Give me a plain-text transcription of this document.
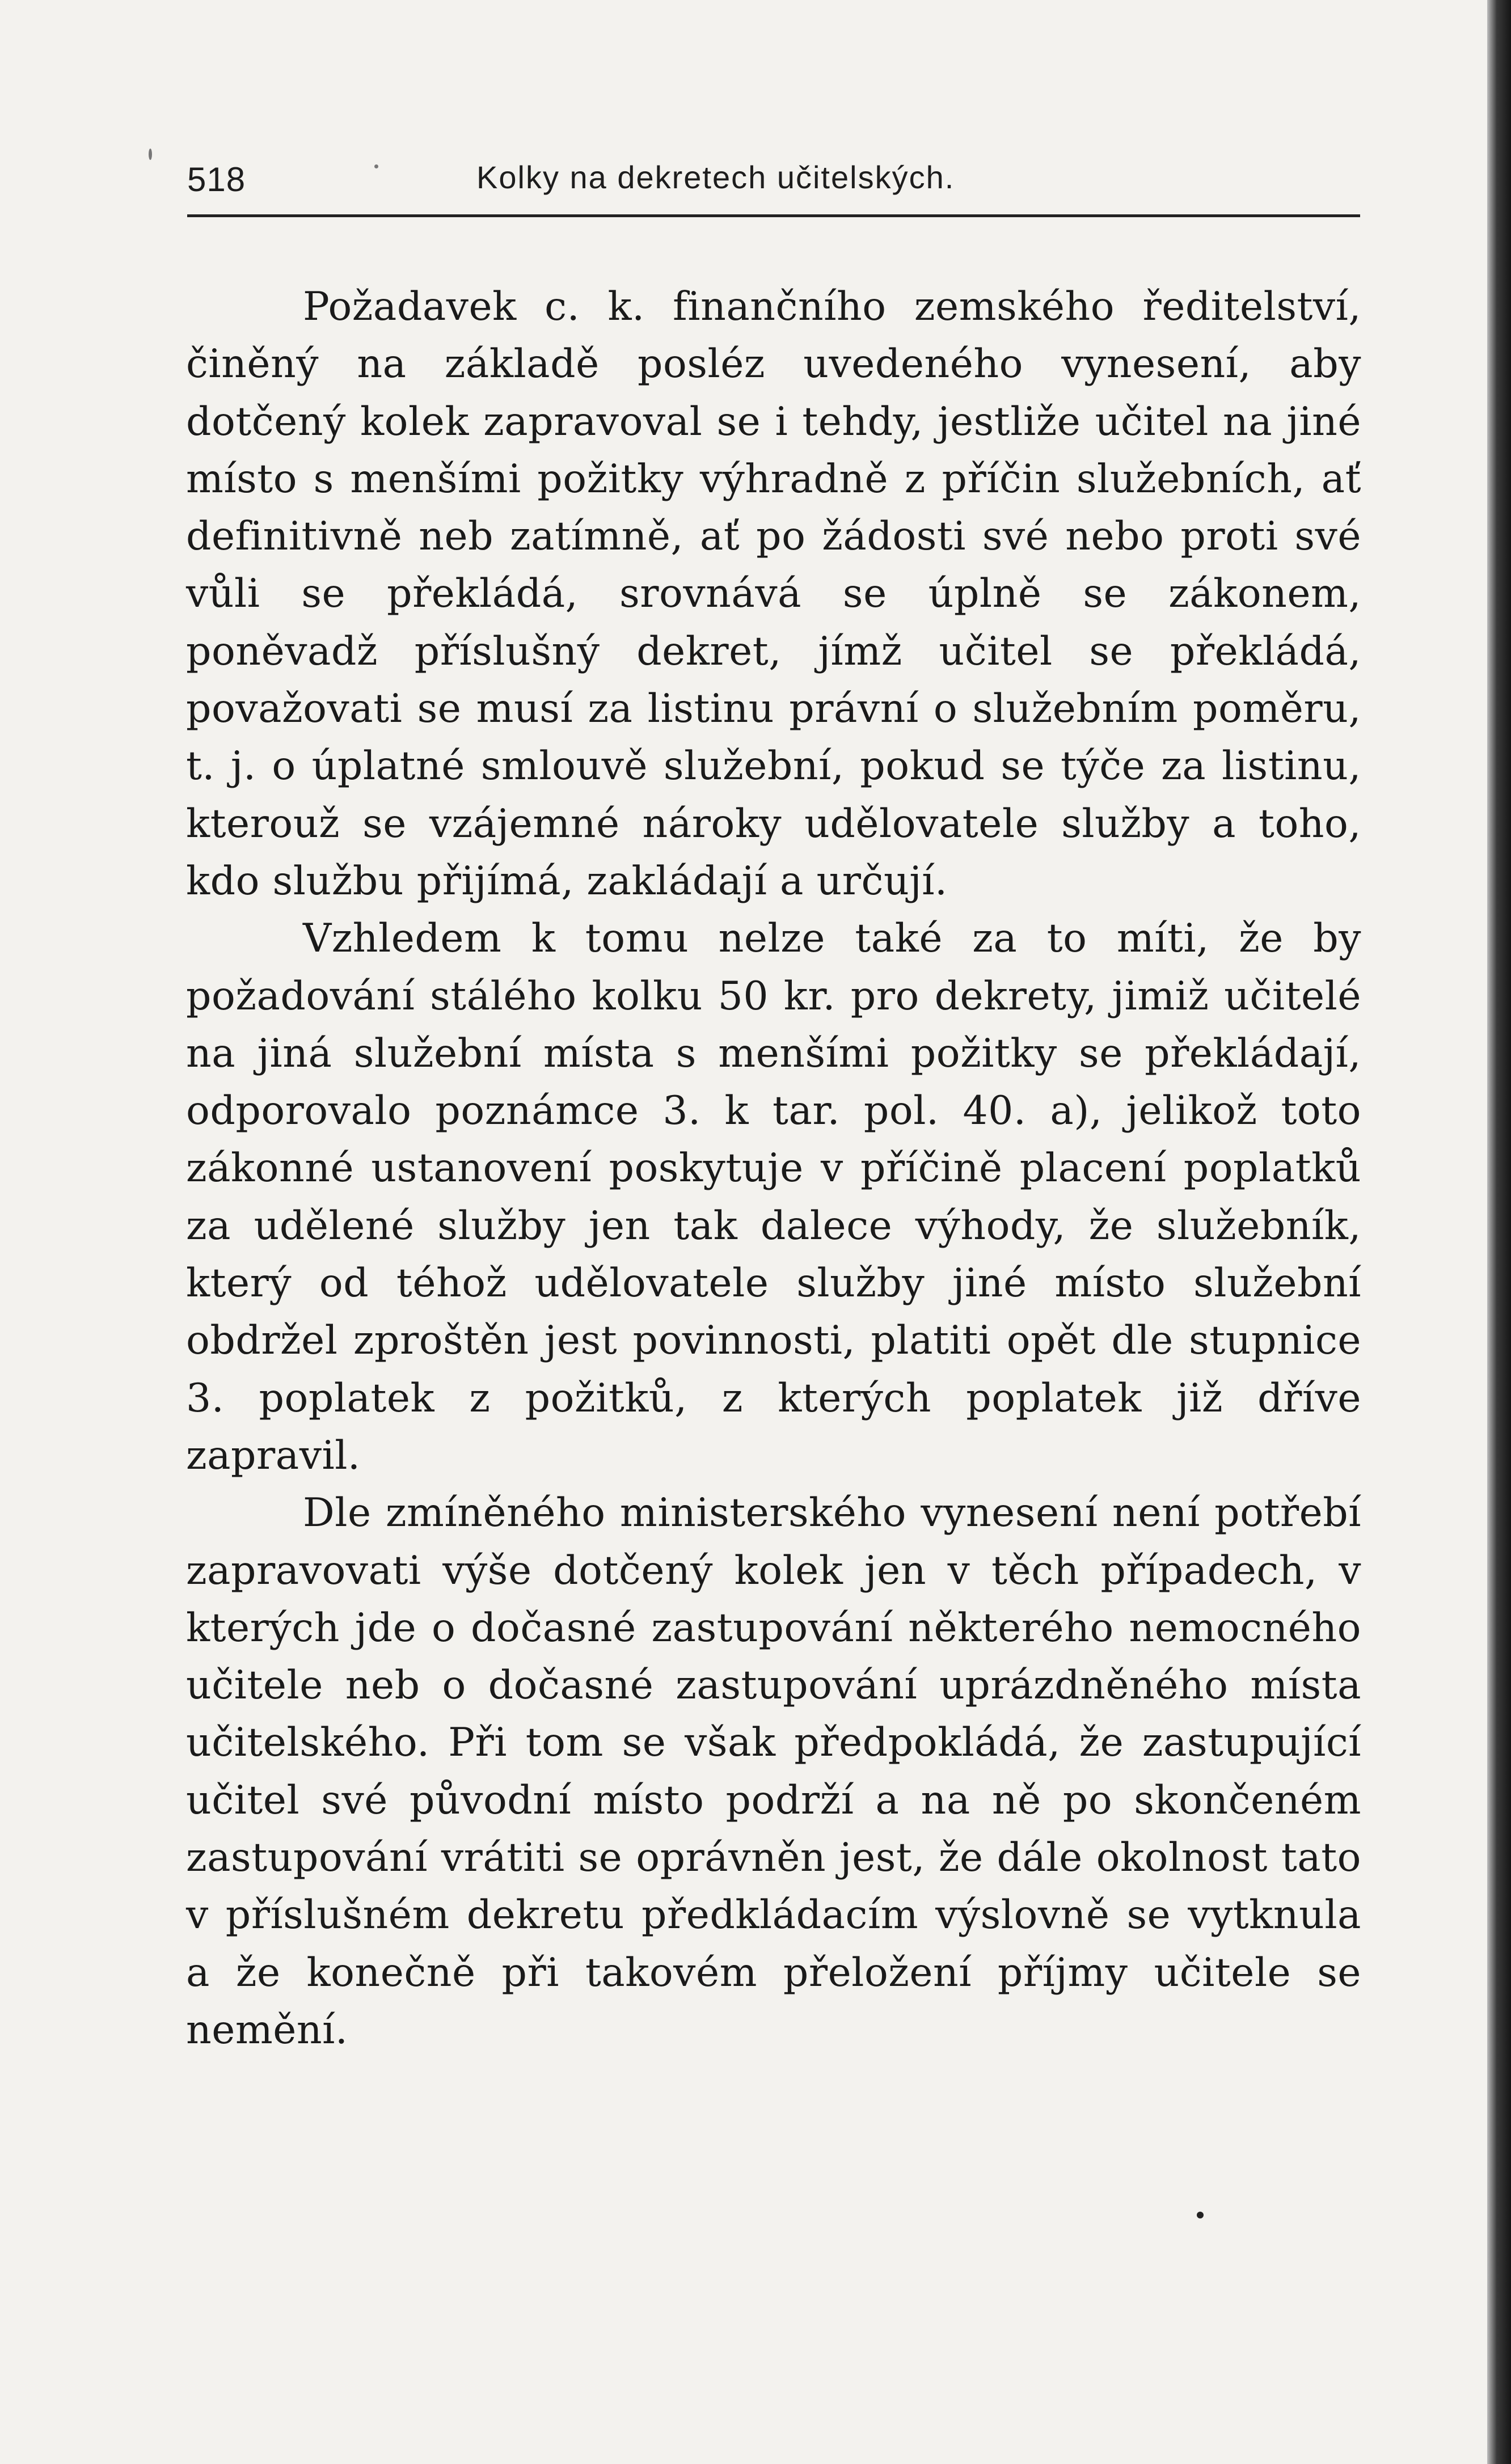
518	Kolky na dekretech učitelských.

Požadavek c. k. finančního zemského ředitelství, činěný na základě posléz uvedeného vynesení, aby dotčený kolek zapravoval se i tehdy, jestliže učitel na jiné místo s menšími požitky výhradně z příčin služebních, ať definitivně neb zatímně, ať po žádosti své nebo proti své vůli se překládá, srovnává se úplně se zákonem, poněvadž příslušný dekret, jímž učitel se překládá, považovati se musí za listinu právní o služebním poměru, t. j. o úplatné smlouvě služební, pokud se týče za listinu, kterouž se vzájemné nároky udělovatele služby a toho, kdo službu přijímá, zakládají a určují.

Vzhledem k tomu nelze také za to míti, že by požadování stálého kolku 50 kr. pro dekrety, jimiž učitelé na jiná služební místa s menšími požitky se překládají, odporovalo poznámce 3. k tar. pol. 40. a), jelikož toto zákonné ustanovení poskytuje v příčině placení poplatků za udělené služby jen tak dalece výhody, že služebník, který od téhož udělovatele služby jiné místo služební obdržel zproštěn jest povinnosti, platiti opět dle stupnice 3. poplatek z požitků, z kterých poplatek již dříve zapravil.

Dle zmíněného ministerského vynesení není potřebí zapravovati výše dotčený kolek jen v těch případech, v kterých jde o dočasné zastupování některého nemocného učitele neb o dočasné zastupování uprázdněného místa učitelského. Při tom se však předpokládá, že zastupující učitel své původní místo podrží a na ně po skončeném zastupování vrátiti se oprávněn jest, že dále okolnost tato v příslušném dekretu předkládacím výslovně se vytknula a že konečně při takovém přeložení příjmy učitele se nemění.
